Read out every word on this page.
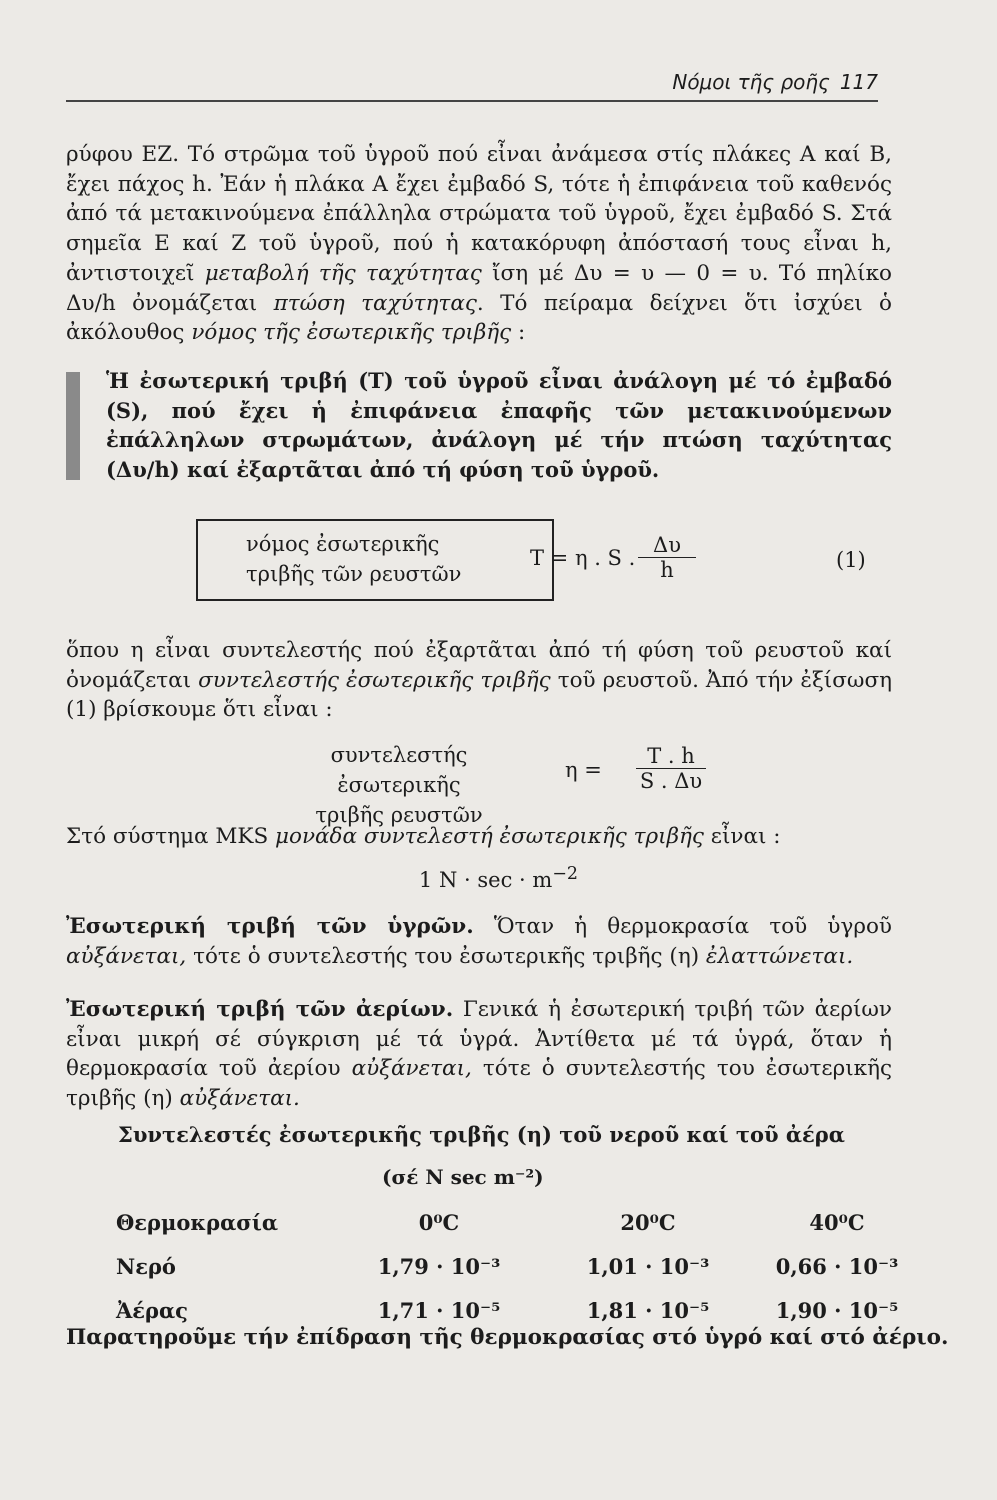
Νόμοι τῆς ροῆς 117
ρύφου ΕΖ. Τό στρῶμα τοῦ ὑγροῦ πού εἶναι ἀνάμεσα στίς πλάκες Α καί Β, ἔχει πάχος h. Ἐάν ἡ πλάκα Α ἔχει ἐμβαδό S, τότε ἡ ἐπιφάνεια τοῦ καθενός ἀπό τά μετακινούμενα ἐπάλληλα στρώματα τοῦ ὑγροῦ, ἔχει ἐμβαδό S. Στά σημεῖα Ε καί Ζ τοῦ ὑγροῦ, πού ἡ κατακόρυφη ἀπόστασή τους εἶναι h, ἀντιστοιχεῖ μεταβολή τῆς ταχύτητας ἴση μέ Δυ = υ — 0 = υ. Τό πηλίκο Δυ/h ὀνομάζεται πτώση ταχύτητας. Τό πείραμα δείχνει ὅτι ἰσχύει ὁ ἀκόλουθος νόμος τῆς ἐσωτερικῆς τριβῆς :
Ἡ ἐσωτερική τριβή (Τ) τοῦ ὑγροῦ εἶναι ἀνάλογη μέ τό ἐμβαδό (S), πού ἔχει ἡ ἐπιφάνεια ἐπαφῆς τῶν μετακινούμενων ἐπάλληλων στρωμάτων, ἀνάλογη μέ τήν πτώση ταχύτητας (Δυ/h) καί ἐξαρτᾶται ἀπό τή φύση τοῦ ὑγροῦ.
νόμος ἐσωτερικῆς
τριβῆς τῶν ρευστῶν
T = η . S . $\frac{\Delta\upsilon}{h}$	(1)
ὅπου η εἶναι συντελεστής πού ἐξαρτᾶται ἀπό τή φύση τοῦ ρευστοῦ καί ὀνομάζεται συντελεστής ἐσωτερικῆς τριβῆς τοῦ ρευστοῦ. Ἀπό τήν ἐξίσωση (1) βρίσκουμε ὅτι εἶναι :
συντελεστής ἐσωτερικῆς
τριβῆς ρευστῶν
$\eta = \frac{T . h}{S . \Delta\upsilon}$
Στό σύστημα MKS μονάδα συντελεστή ἐσωτερικῆς τριβῆς εἶναι :
1 $N \cdot \sec \cdot m^{-2}$
Ἐσωτερική τριβή τῶν ὑγρῶν. Ὅταν ἡ θερμοκρασία τοῦ ὑγροῦ αὐξάνεται, τότε ὁ συντελεστής του ἐσωτερικῆς τριβῆς (η) ἐλαττώνεται.
Ἐσωτερική τριβή τῶν ἀερίων. Γενικά ἡ ἐσωτερική τριβή τῶν ἀερίων εἶναι μικρή σέ σύγκριση μέ τά ὑγρά. Ἀντίθετα μέ τά ὑγρά, ὅταν ἡ θερμοκρασία τοῦ ἀερίου αὐξάνεται, τότε ὁ συντελεστής του ἐσωτερικῆς τριβῆς (η) αὐξάνεται.
Συντελεστές ἐσωτερικῆς τριβῆς (η) τοῦ νεροῦ καί τοῦ ἀέρα
(σέ N sec m⁻²)
Θερμοκρασία	0⁰C	20⁰C	40⁰C
Νερό	1,79 · 10⁻³	1,01 · 10⁻³	0,66 · 10⁻³
Ἀέρας	1,71 · 10⁻⁵	1,81 · 10⁻⁵	1,90 · 10⁻⁵
Παρατηροῦμε τήν ἐπίδραση τῆς θερμοκρασίας στό ὑγρό καί στό ἀέριο.
